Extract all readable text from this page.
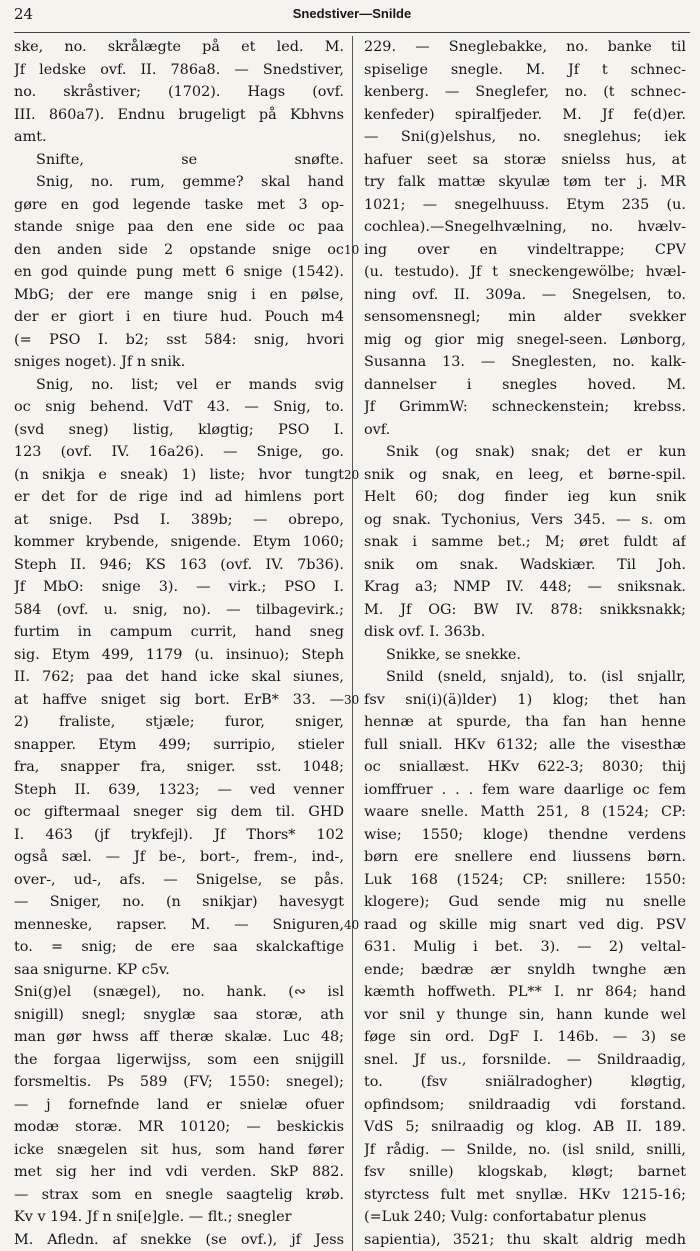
24	Snedstiver—Snilde
ske, no. skrålægte på et led. M.
Jf ledske ovf. II. 786a8. — Snedstiver,
no. skråstiver; (1702). Hags (ovf.
III. 860a7). Endnu brugeligt på Kbhvns
amt.
Snifte, se snøfte.
Snig, no. rum, gemme? skal hand
gøre en god legende taske met 3 op-
stande snige paa den ene side oc paa
den anden side 2 opstande snige oc
en god quinde pung mett 6 snige (1542).
MbG; der ere mange snig i en pølse,
der er giort i en tiure hud. Pouch m4
(= PSO I. b2; sst 584: snig, hvori
sniges noget). Jf n snik.
Snig, no. list; vel er mands svig
oc snig behend. VdT 43. — Snig, to.
(svd sneg) listig, kløgtig; PSO I.
123 (ovf. IV. 16a26). — Snige, go.
(n snikja e sneak) 1) liste; hvor tungt
er det for de rige ind ad himlens port
at snige. Psd I. 389b; — obrepo,
kommer krybende, snigende. Etym 1060;
Steph II. 946; KS 163 (ovf. IV. 7b36).
Jf MbO: snige 3). — virk.; PSO I.
584 (ovf. u. snig, no). — tilbagevirk.;
furtim in campum currit, hand sneg
sig. Etym 499, 1179 (u. insinuo); Steph
II. 762; paa det hand icke skal siunes,
at haffve sniget sig bort. ErB* 33. —
2) fraliste, stjæle; furor, sniger,
snapper. Etym 499; surripio, stieler
fra, snapper fra, sniger. sst. 1048;
Steph II. 639, 1323; — ved venner
oc giftermaal sneger sig dem til. GHD
I. 463 (jf trykfejl). Jf Thors* 102
også sæl. — Jf be-, bort-, frem-, ind-,
over-, ud-, afs. — Snigelse, se pås.
— Sniger, no. (n snikjar) havesygt
menneske, rapser. M. — Sniguren,
to. = snig; de ere saa skalckaftige
saa snigurne. KP c5v.
Sni(g)el (snægel), no. hank. (∾ isl
snigill) snegl; snyglæ saa storæ, ath
man gør hwss aff theræ skalæ. Luc 48;
the forgaa ligerwijss, som een snijgill
forsmeltis. Ps 589 (FV; 1550: snegel);
— j fornefnde land er snielæ ofuer
modæ storæ. MR 10120; — beskickis
icke snægelen sit hus, som hand fører
met sig her ind vdi verden. SkP 882.
— strax som en snegle saagtelig krøb.
Kv v 194. Jf n sni[e]gle. — flt.; snegler
M. Afledn. af snekke (se ovf.), jf Jess
229. — Sneglebakke, no. banke til
spiselige snegle. M. Jf t schnec-
kenberg. — Sneglefer, no. (t schnec-
kenfeder) spiralfjeder. M. Jf fe(d)er.
— Sni(g)elshus, no. sneglehus; iek
hafuer seet sa storæ snielss hus, at
try falk mattæ skyulæ tøm ter j. MR
1021; — snegelhuuss. Etym 235 (u.
cochlea).—Snegelhvælning, no. hvælv-
ing over en vindeltrappe; CPV
(u. testudo). Jf t sneckengewölbe; hvæl-
ning ovf. II. 309a. — Snegelsen, to.
sensomensnegl; min alder svekker
mig og gior mig snegel-seen. Lønborg,
Susanna 13. — Sneglesten, no. kalk-
dannelser i snegles hoved. M.
Jf GrimmW: schneckenstein; krebss.
ovf.
Snik (og snak) snak; det er kun
snik og snak, en leeg, et børne-spil.
Helt 60; dog finder ieg kun snik
og snak. Tychonius, Vers 345. — s. om
snak i samme bet.; M; øret fuldt af
snik om snak. Wadskiær. Til Joh.
Krag a3; NMP IV. 448; — sniksnak.
M. Jf OG: BW IV. 878: snikksnakk;
disk ovf. I. 363b.
Snikke, se snekke.
Snild (sneld, snjald), to. (isl snjallr,
fsv sni(i)(ä)lder) 1) klog; thet han
hennæ at spurde, tha fan han henne
full sniall. HKv 6132; alle the visesthæ
oc sniallæst. HKv 622-3; 8030; thij
iomffruer . . . fem ware daarlige oc fem
waare snelle. Matth 251, 8 (1524; CP:
wise; 1550; kloge) thendne verdens
børn ere snellere end liussens børn.
Luk 168 (1524; CP: snillere: 1550:
klogere); Gud sende mig nu snelle
raad og skille mig snart ved dig. PSV
631. Mulig i bet. 3). — 2) veltal-
ende; bædræ ær snyldh twnghe æn
kæmth hoffweth. PL** I. nr 864; hand
vor snil y thunge sin, hann kunde wel
føge sin ord. DgF I. 146b. — 3) se
snel. Jf us., forsnilde. — Snildraadig,
to. (fsv sniälradogher) kløgtig,
opfindsom; snildraadig vdi forstand.
VdS 5; snilraadig og klog. AB II. 189.
Jf rådig. — Snilde, no. (isl snild, snilli,
fsv snille) klogskab, kløgt; barnet
styrctess fult met snyllæ. HKv 1215-16;
(=Luk 240; Vulg: confortabatur plenus
sapientia), 3521; thu skalt aldrig medh
10
20
30
40
